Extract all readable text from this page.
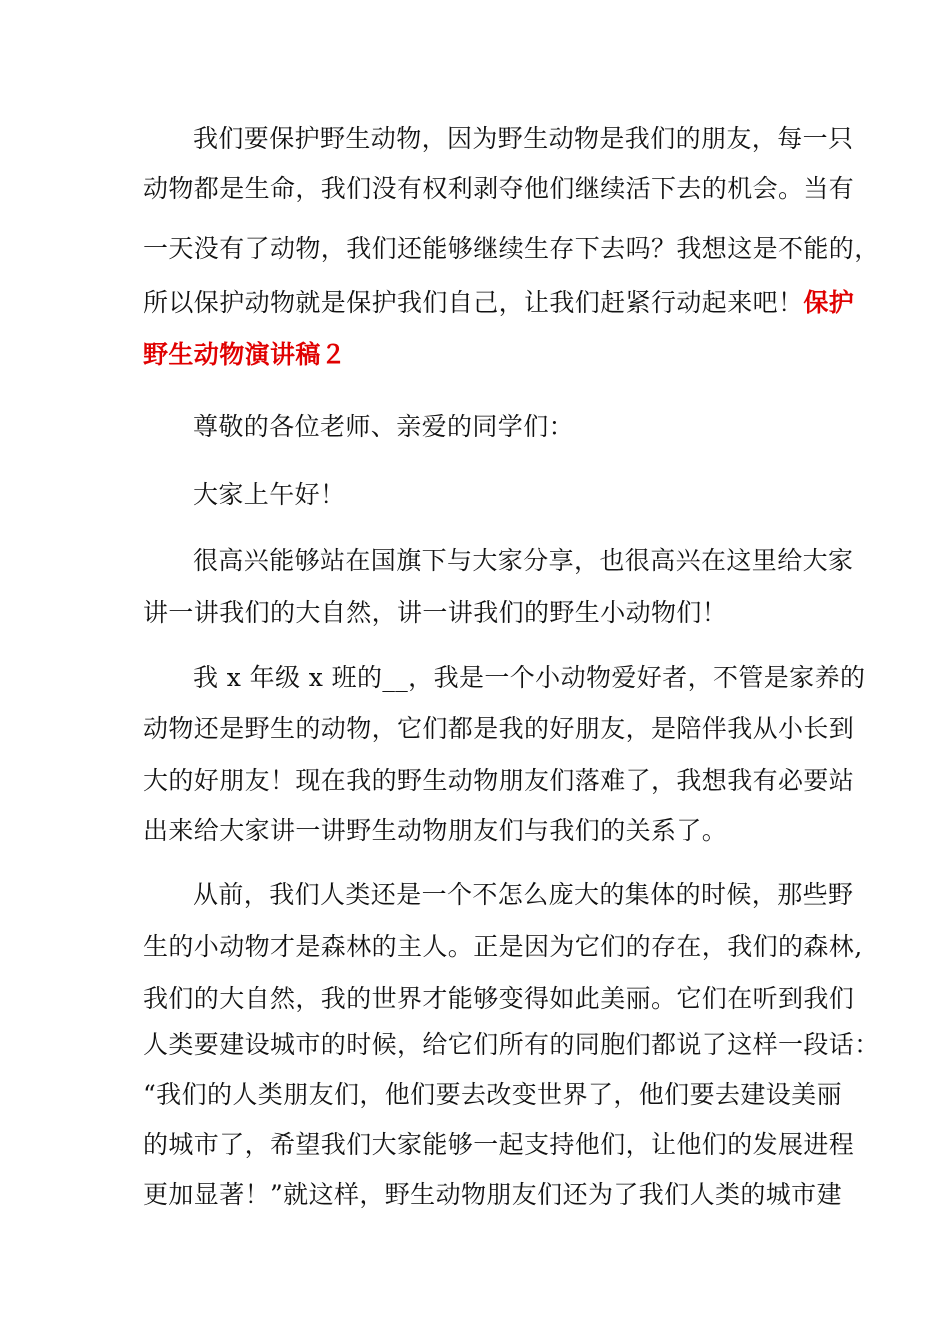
我们要保护野生动物，因为野生动物是我们的朋友，每一只
动物都是生命，我们没有权利剥夺他们继续活下去的机会。当有
一天没有了动物，我们还能够继续生存下去吗？我想这是不能的，
所以保护动物就是保护我们自己，让我们赶紧行动起来吧！保护
野生动物演讲稿２
尊敬的各位老师、亲爱的同学们：
大家上午好！
很高兴能够站在国旗下与大家分享，也很高兴在这里给大家
讲一讲我们的大自然，讲一讲我们的野生小动物们！
我 x 年级 x 班的__，我是一个小动物爱好者，不管是家养的
动物还是野生的动物，它们都是我的好朋友，是陪伴我从小长到
大的好朋友！现在我的野生动物朋友们落难了，我想我有必要站
出来给大家讲一讲野生动物朋友们与我们的关系了。
从前，我们人类还是一个不怎么庞大的集体的时候，那些野
生的小动物才是森林的主人。正是因为它们的存在，我们的森林,
我们的大自然，我的世界才能够变得如此美丽。它们在听到我们
人类要建设城市的时候，给它们所有的同胞们都说了这样一段话：
“我们的人类朋友们，他们要去改变世界了，他们要去建设美丽
的城市了，希望我们大家能够一起支持他们，让他们的发展进程
更加显著！”就这样，野生动物朋友们还为了我们人类的城市建
